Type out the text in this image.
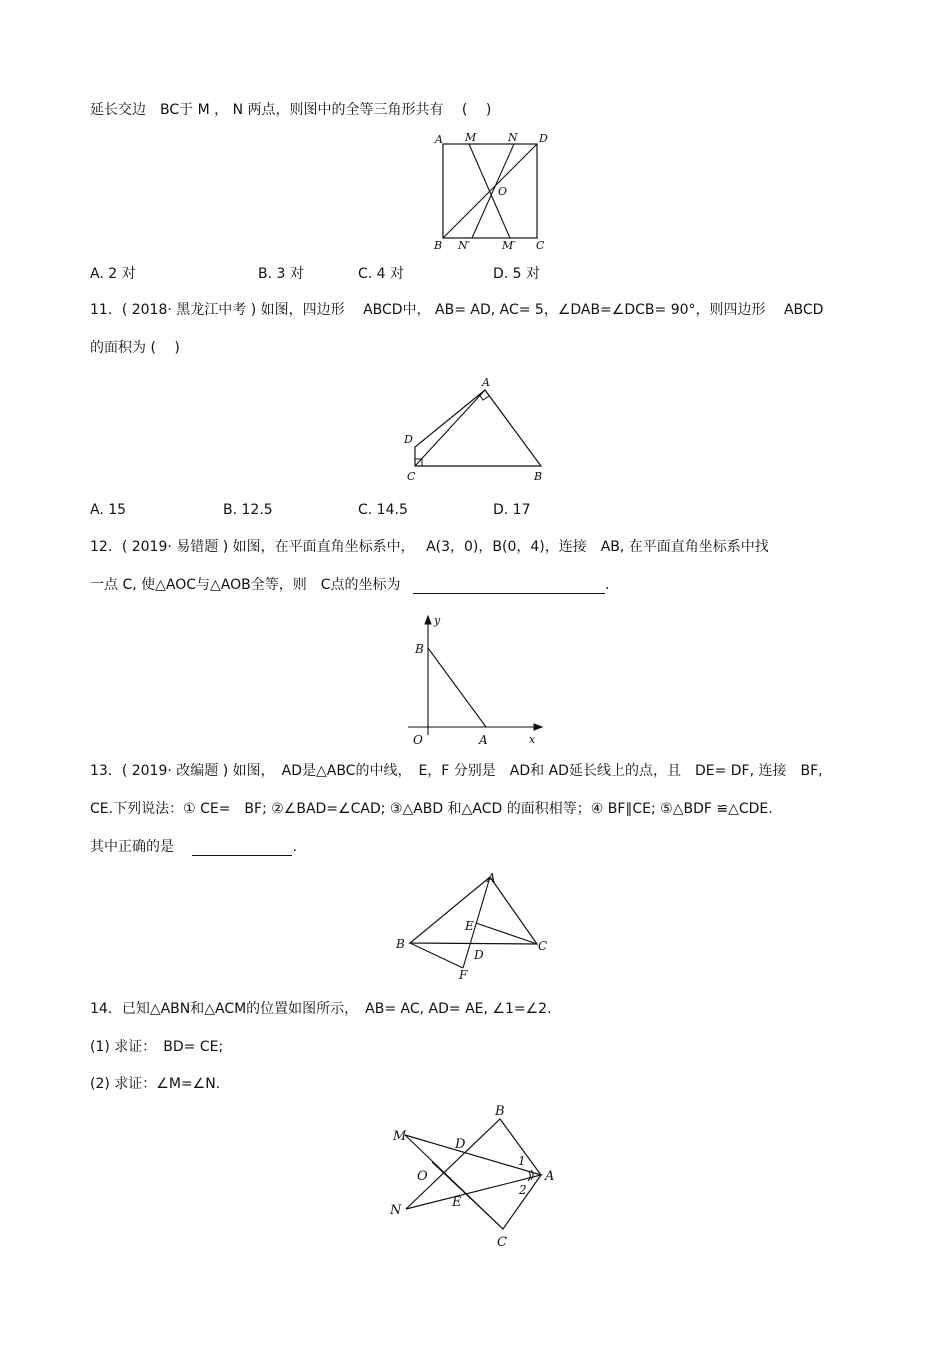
延长交边　BC于 M ， N 两点，则图中的全等三角形共有　 (　 )
A M	N D
O
B N′	M′ C
A. 2 对	B. 3 对	C. 4 对	D. 5 对
11．( 2018· 黑龙江中考 ) 如图，四边形　 ABCD中， AB= AD, AC= 5，∠DAB=∠DCB= 90°，则四边形　 ABCD
的面积为 (　 )
A
D
C	B
A. 15	B. 12.5	C. 14.5	D. 17
12．( 2019· 易错题 ) 如图，在平面直角坐标系中，　 A(3，0)，B(0，4)，连接　AB, 在平面直角坐标系中找
一点 C, 使△AOC与△AOB全等，则　C点的坐标为	.
y
B
O	A	x
13．( 2019· 改编题 ) 如图，　AD是△ABC的中线，　E，F 分别是　AD和 AD延长线上的点，且　DE= DF, 连接　BF,
CE.下列说法：① CE=　BF; ②∠BAD=∠CAD; ③△ABD 和△ACD 的面积相等；④ BF∥CE; ⑤△BDF ≌△CDE.
其中正确的是	.
A
E
B
D
C
F
14．已知△ABN和△ACM的位置如图所示，　AB= AC, AD= AE, ∠1=∠2.
(1) 求证：　BD= CE;
(2) 求证：∠M=∠N.
B
M
D
1
O	A
2
E
N
C
